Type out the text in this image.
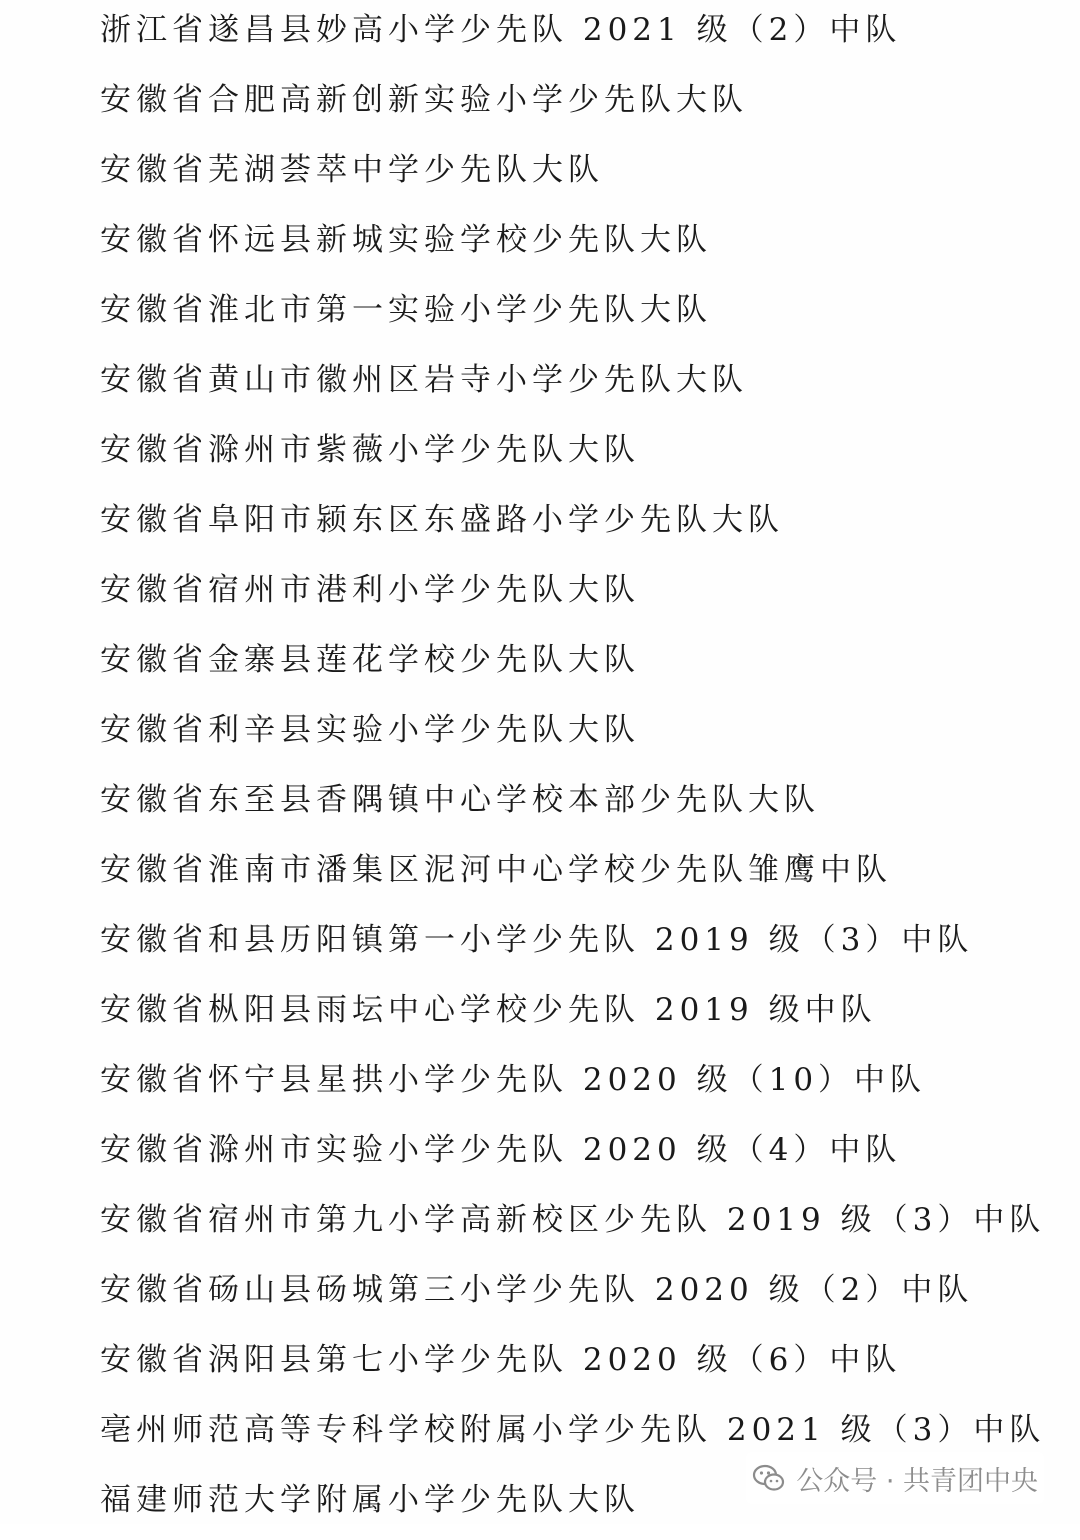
浙江省遂昌县妙高小学少先队 2021 级（2）中队
安徽省合肥高新创新实验小学少先队大队
安徽省芜湖荟萃中学少先队大队
安徽省怀远县新城实验学校少先队大队
安徽省淮北市第一实验小学少先队大队
安徽省黄山市徽州区岩寺小学少先队大队
安徽省滁州市紫薇小学少先队大队
安徽省阜阳市颍东区东盛路小学少先队大队
安徽省宿州市港利小学少先队大队
安徽省金寨县莲花学校少先队大队
安徽省利辛县实验小学少先队大队
安徽省东至县香隅镇中心学校本部少先队大队
安徽省淮南市潘集区泥河中心学校少先队雏鹰中队
安徽省和县历阳镇第一小学少先队 2019 级（3）中队
安徽省枞阳县雨坛中心学校少先队 2019 级中队
安徽省怀宁县星拱小学少先队 2020 级（10）中队
安徽省滁州市实验小学少先队 2020 级（4）中队
安徽省宿州市第九小学高新校区少先队 2019 级（3）中队
安徽省砀山县砀城第三小学少先队 2020 级（2）中队
安徽省涡阳县第七小学少先队 2020 级（6）中队
亳州师范高等专科学校附属小学少先队 2021 级（3）中队
福建师范大学附属小学少先队大队
公众号 · 共青团中央
